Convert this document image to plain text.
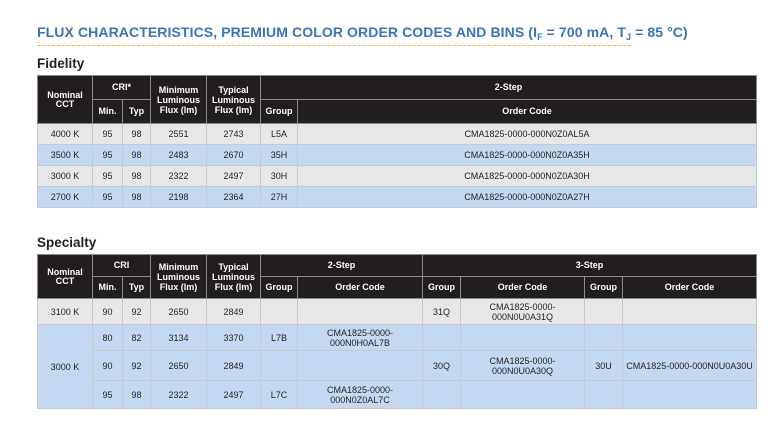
FLUX CHARACTERISTICS, PREMIUM COLOR ORDER CODES AND BINS ($I_F = 700$ mA, $T_J = 85$ °C)
Fidelity
Nominal CCT	CRI*		Minimum Luminous Flux (lm)	Typical Luminous Flux (lm)	2-Step	
	Min.	Typ			Group	Order Code
4000 K	95	98	2551	2743	L5A	CMA1825-0000-000N0Z0AL5A
3500 K	95	98	2483	2670	35H	CMA1825-0000-000N0Z0A35H
3000 K	95	98	2322	2497	30H	CMA1825-0000-000N0Z0A30H
2700 K	95	98	2198	2364	27H	CMA1825-0000-000N0Z0A27H
Specialty
Nominal CCT	CRI		Minimum Luminous Flux (lm)	Typical Luminous Flux (lm)	2-Step		3-Step			
	Min.	Typ			Group	Order Code	Group	Order Code	Group	Order Code
3100 K	90	92	2650	2849			31Q	CMA1825-0000-000N0U0A31Q		
3000 K	80	82	3134	3370	L7B	CMA1825-0000-000N0H0AL7B				
	90	92	2650	2849			30Q	CMA1825-0000-000N0U0A30Q	30U	CMA1825-0000-000N0U0A30U
	95	98	2322	2497	L7C	CMA1825-0000-000N0Z0AL7C				
